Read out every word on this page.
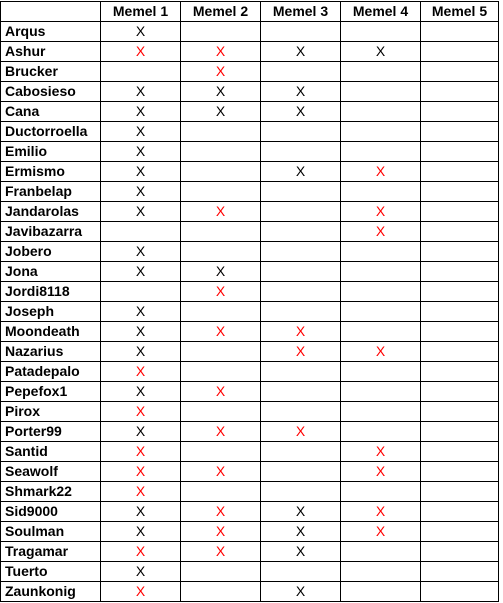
	Memel 1	Memel 2	Memel 3	Memel 4	Memel 5
Arqus	X				
Ashur	X	X	X	X	
Brucker		X			
Cabosieso	X	X	X		
Cana	X	X	X		
Ductorroella	X				
Emilio	X				
Ermismo	X		X	X	
Franbelap	X				
Jandarolas	X	X		X	
Javibazarra				X	
Jobero	X				
Jona	X	X			
Jordi8118		X			
Joseph	X				
Moondeath	X	X	X		
Nazarius	X		X	X	
Patadepalo	X				
Pepefox1	X	X			
Pirox	X				
Porter99	X	X	X		
Santid	X			X	
Seawolf	X	X		X	
Shmark22	X				
Sid9000	X	X	X	X	
Soulman	X	X	X	X	
Tragamar	X	X	X		
Tuerto	X				
Zaunkonig	X		X		
